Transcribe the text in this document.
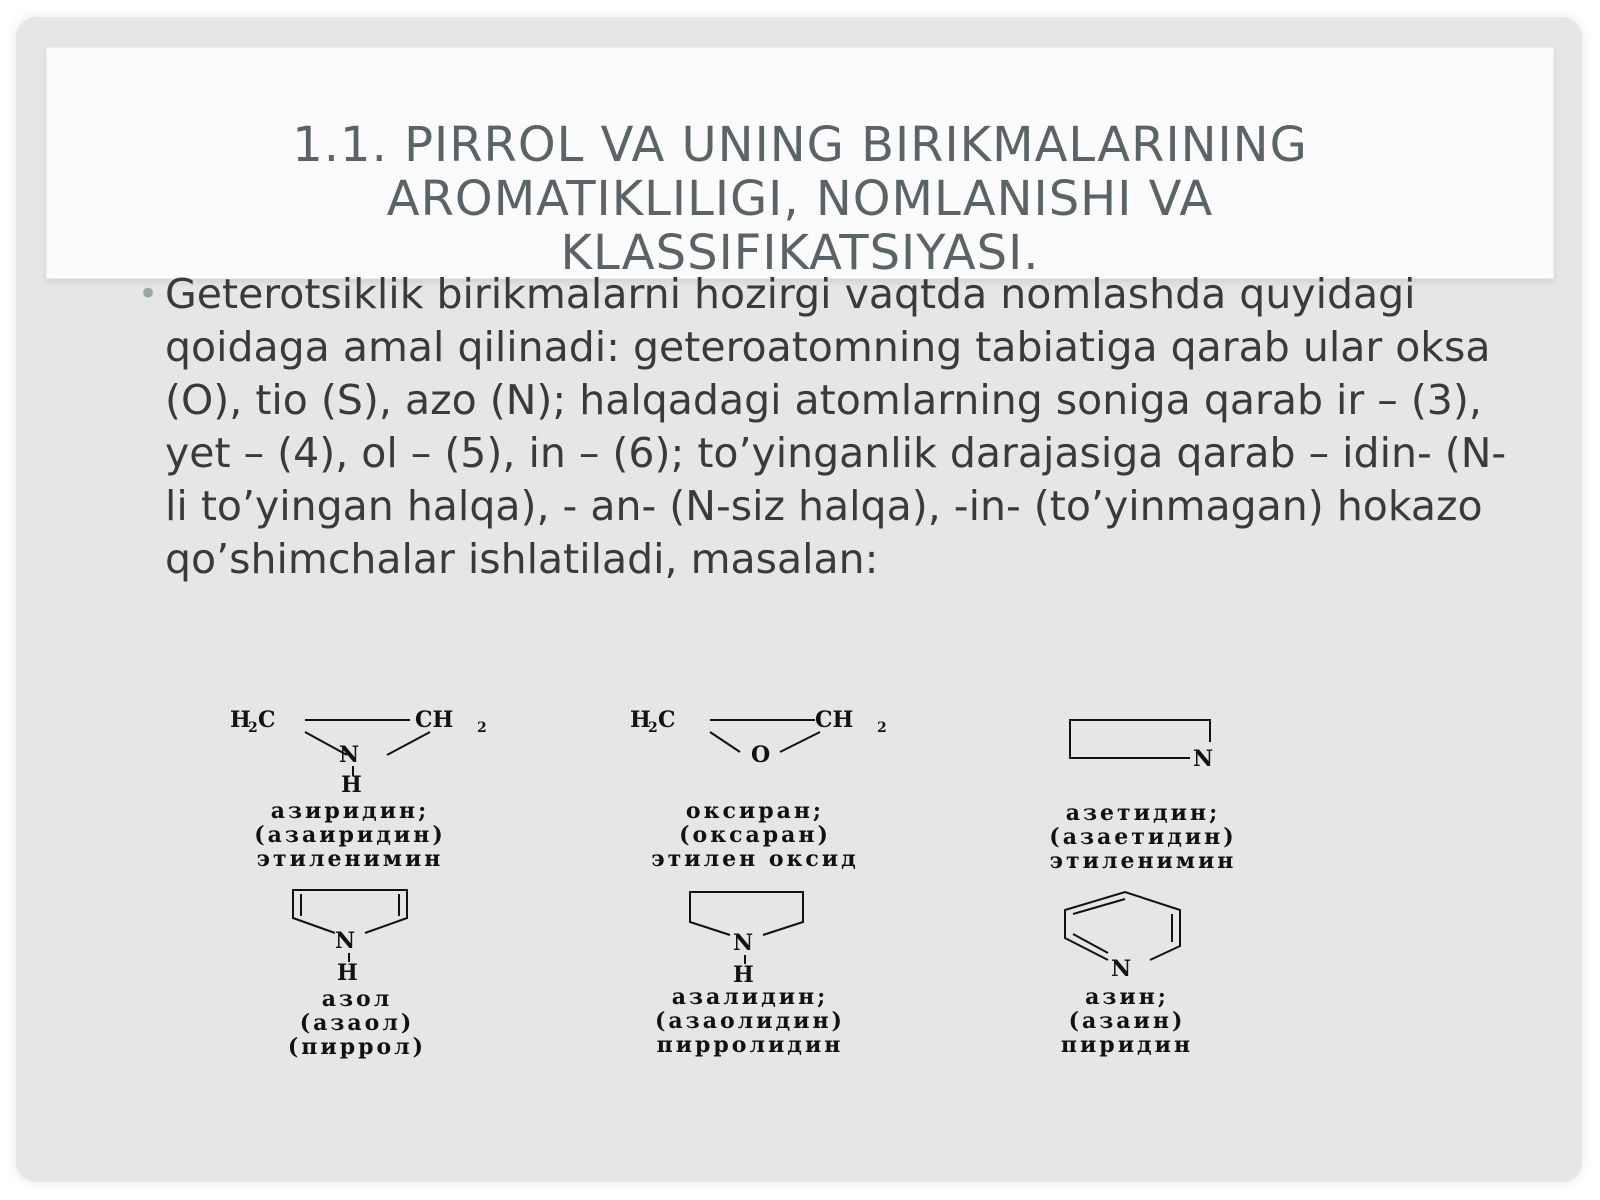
1.1. PIRROL VA UNING BIRIKMALARINING
AROMATIKLILIGI, NOMLANISHI VA
KLASSIFIKATSIYASI.
• Geterotsiklik birikmalarni hozirgi vaqtda nomlashda quyidagi qoidaga amal qilinadi: geteroatomning tabiatiga qarab ular oksa (O), tio (S), azo (N); halqadagi atomlarning soniga qarab ir – (3), yet – (4), ol – (5), in – (6); to’yinganlik darajasiga qarab – idin- (N-li to’yingan halqa), - an- (N-siz halqa), -in- (to’yinmagan) hokazo qo’shimchalar ishlatiladi, masalan:
H
2 C	CH 2
N
H
H
2 C	CH 2
O	N
N
H
N
H	N
азиридин;
(азаиридин)
этиленимин
оксиран;
(оксаран)
этилен оксид
азетидин;
(азаетидин)
этиленимин
азол
(азаол)
(пиррол)
азалидин;
(азаолидин)
пирролидин
азин;
(азаин)
пиридин
